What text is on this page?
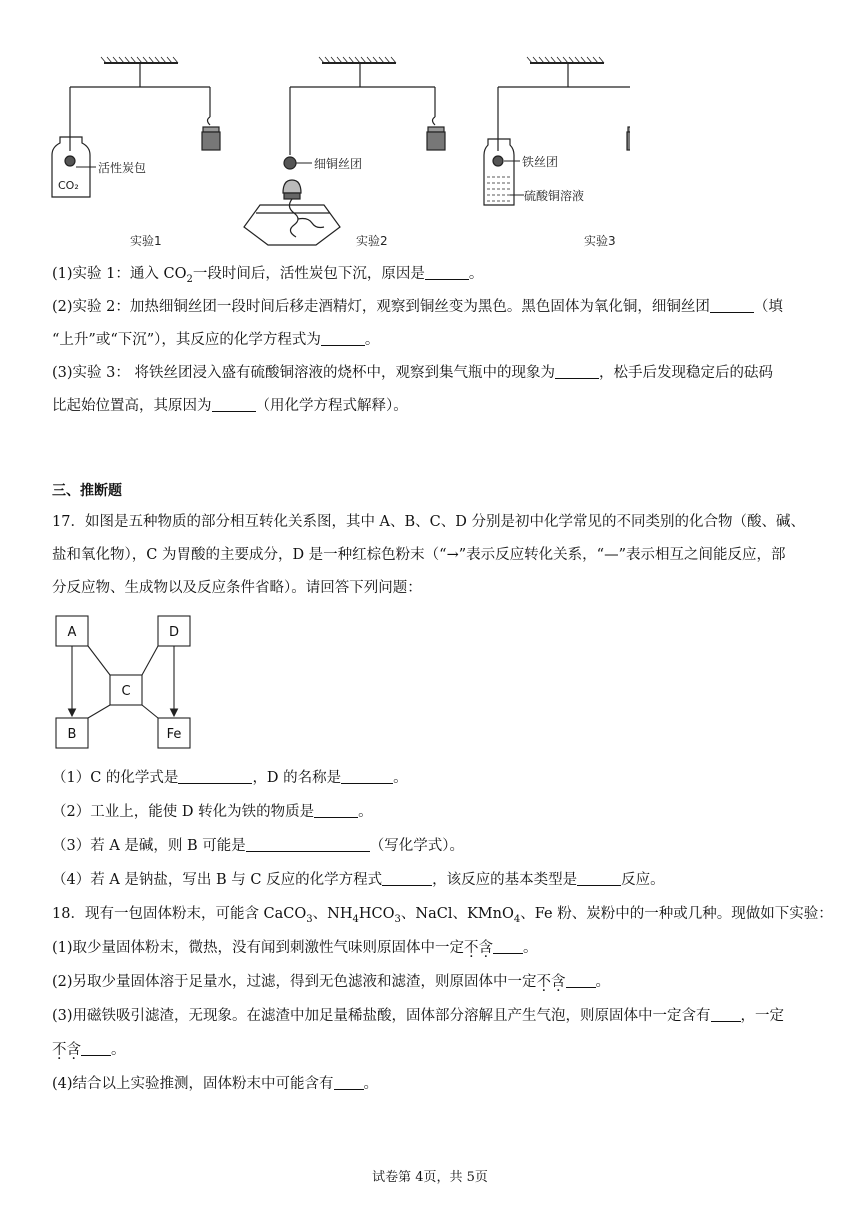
活性炭包
CO₂
细铜丝团	铁丝团
硫酸铜溶液
实验1	实验2	实验3
(1)实验 1：通入 $CO_2$一段时间后，活性炭包下沉，原因是	。
(2)实验 2：加热细铜丝团一段时间后移走酒精灯，观察到铜丝变为黑色。黑色固体为氧化铜，细铜丝团	（填
“上升”或“下沉”），其反应的化学方程式为	。
(3)实验 3： 将铁丝团浸入盛有硫酸铜溶液的烧杯中，观察到集气瓶中的现象为	，松手后发现稳定后的砝码
比起始位置高，其原因为	（用化学方程式解释）。
三、推断题
17．如图是五种物质的部分相互转化关系图，其中 A、B、C、D 分别是初中化学常见的不同类别的化合物（酸、碱、
盐和氧化物），C 为胃酸的主要成分，D 是一种红棕色粉末（“→”表示反应转化关系，“—”表示相互之间能反应，部
分反应物、生成物以及反应条件省略）。请回答下列问题：
A	D
C
B	Fe
（1）C 的化学式是	，D 的名称是	。
（2）工业上，能使 D 转化为铁的物质是	。
（3）若 A 是碱，则 B 可能是	（写化学式）。
（4）若 A 是钠盐，写出 B 与 C 反应的化学方程式	，该反应的基本类型是	反应。
18．现有一包固体粉末，可能含 CaCO$_3$、$NH_4HCO_3$、NaCl、KMnO$_4$、Fe 粉、炭粉中的一种或几种。现做如下实验：
(1)取少量固体粉末，微热，没有闻到刺激性气味则原固体中一定不含 。
(2)另取少量固体溶于足量水，过滤，得到无色滤液和滤渣，则原固体中一定不含 。
(3)用磁铁吸引滤渣，无现象。在滤渣中加足量稀盐酸，固体部分溶解且产生气泡，则原固体中一定含有 ，一定
不含 。
(4)结合以上实验推测，固体粉末中可能含有 。
试卷第 4页，共 5页
